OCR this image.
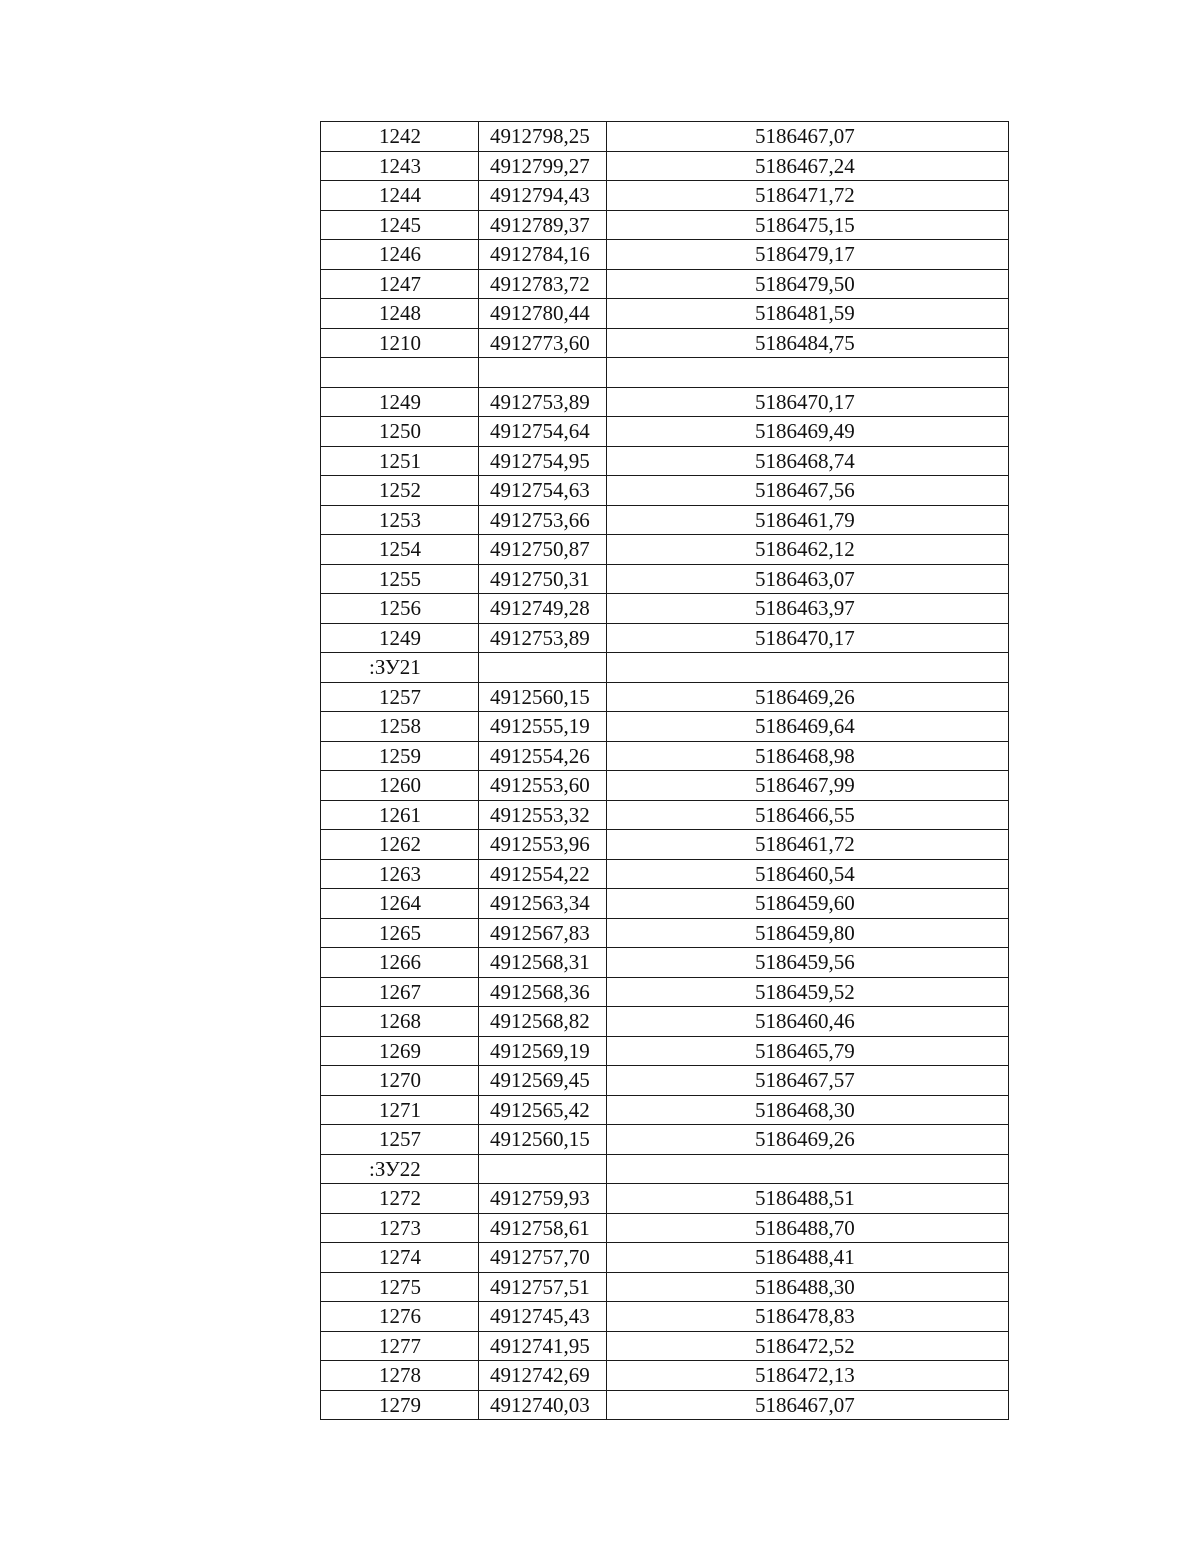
1242	4912798,25	5186467,07
1243	4912799,27	5186467,24
1244	4912794,43	5186471,72
1245	4912789,37	5186475,15
1246	4912784,16	5186479,17
1247	4912783,72	5186479,50
1248	4912780,44	5186481,59
1210	4912773,60	5186484,75

1249	4912753,89	5186470,17
1250	4912754,64	5186469,49
1251	4912754,95	5186468,74
1252	4912754,63	5186467,56
1253	4912753,66	5186461,79
1254	4912750,87	5186462,12
1255	4912750,31	5186463,07
1256	4912749,28	5186463,97
1249	4912753,89	5186470,17
:ЗУ21		
1257	4912560,15	5186469,26
1258	4912555,19	5186469,64
1259	4912554,26	5186468,98
1260	4912553,60	5186467,99
1261	4912553,32	5186466,55
1262	4912553,96	5186461,72
1263	4912554,22	5186460,54
1264	4912563,34	5186459,60
1265	4912567,83	5186459,80
1266	4912568,31	5186459,56
1267	4912568,36	5186459,52
1268	4912568,82	5186460,46
1269	4912569,19	5186465,79
1270	4912569,45	5186467,57
1271	4912565,42	5186468,30
1257	4912560,15	5186469,26
:ЗУ22		
1272	4912759,93	5186488,51
1273	4912758,61	5186488,70
1274	4912757,70	5186488,41
1275	4912757,51	5186488,30
1276	4912745,43	5186478,83
1277	4912741,95	5186472,52
1278	4912742,69	5186472,13
1279	4912740,03	5186467,07
